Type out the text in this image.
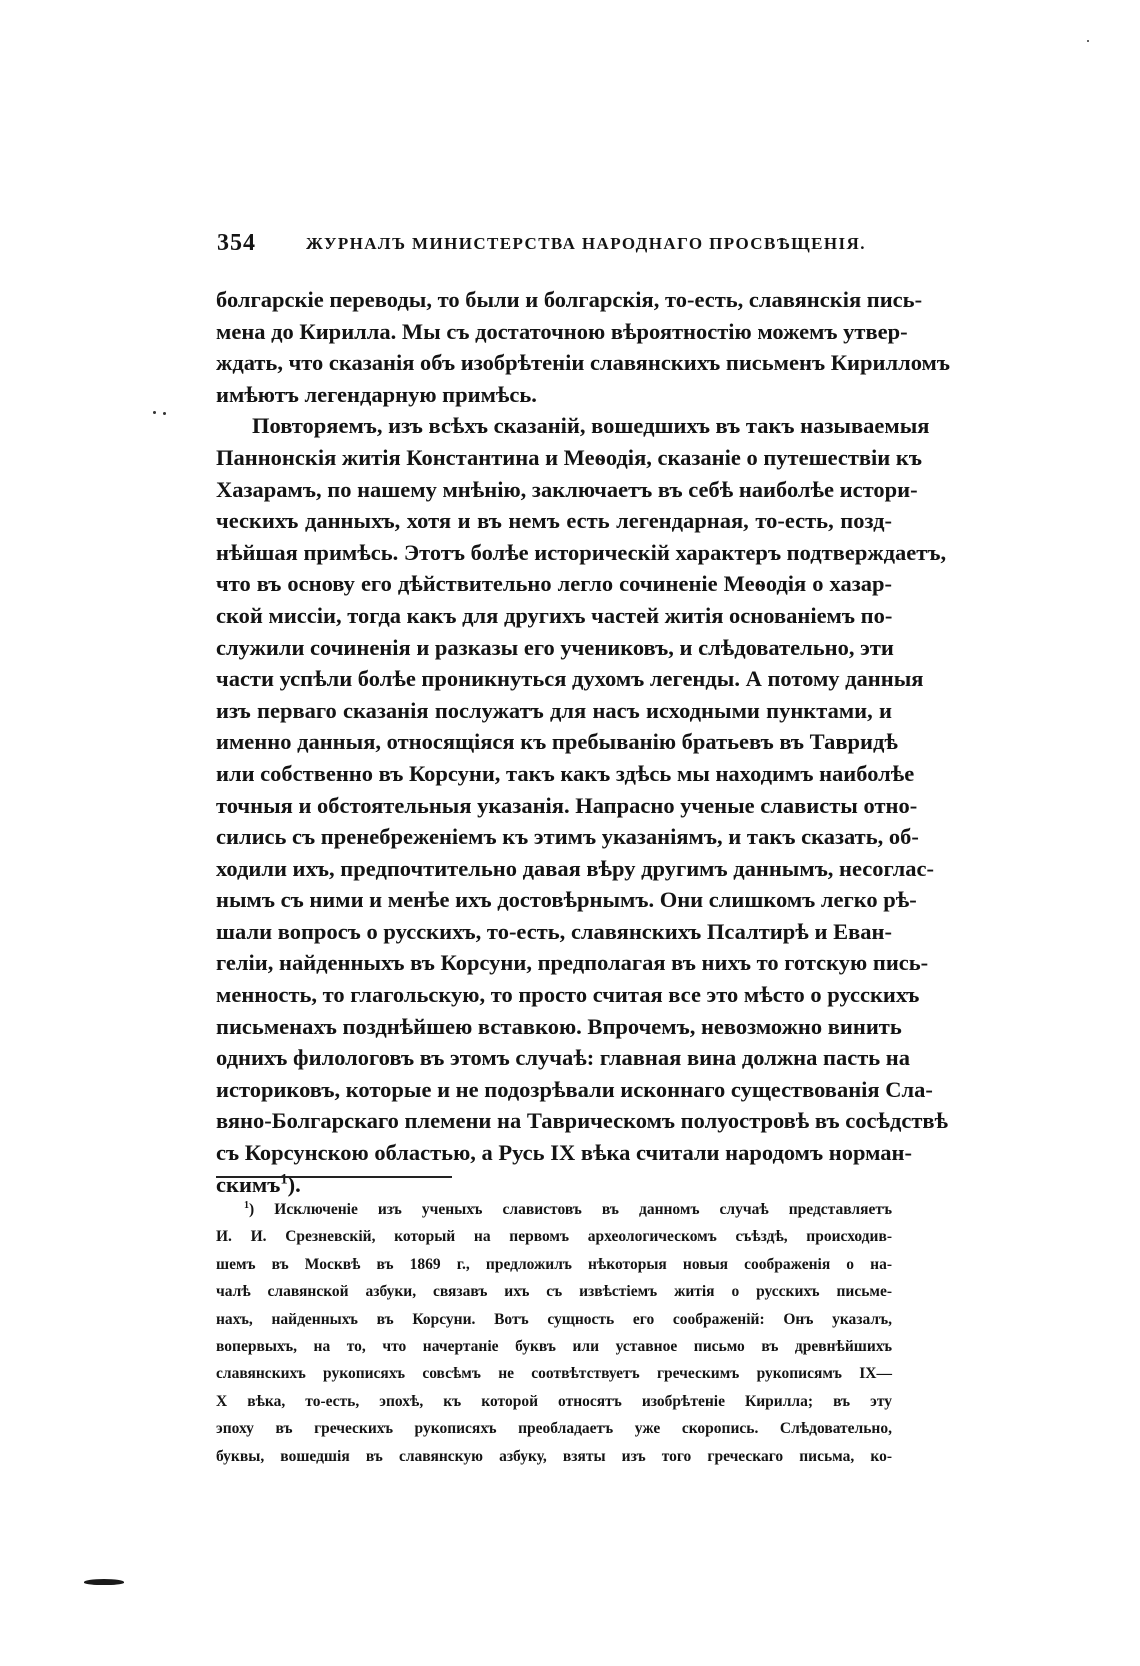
354	ЖУРНАЛЪ МИНИСТЕРСТВА НАРОДНАГО ПРОСВѢЩЕНІЯ.
болгарскіе переводы, то были и болгарскія, то-есть, славянскія пись-
мена до Кирилла. Мы съ достаточною вѣроятностію можемъ утвер-
ждать, что сказанія объ изобрѣтеніи славянскихъ письменъ Кирилломъ
имѣютъ легендарную примѣсь.
Повторяемъ, изъ всѣхъ сказаній, вошедшихъ въ такъ называемыя
Паннонскія житія Константина и Меѳодія, сказаніе о путешествіи къ
Хазарамъ, по нашему мнѣнію, заключаетъ въ себѣ наиболѣе истори-
ческихъ данныхъ, хотя и въ немъ есть легендарная, то-есть, позд-
нѣйшая примѣсь. Этотъ болѣе историческій характеръ подтверждаетъ,
что въ основу его дѣйствительно легло сочиненіе Меѳодія о хазар-
ской миссіи, тогда какъ для другихъ частей житія основаніемъ по-
служили сочиненія и разказы его учениковъ, и слѣдовательно, эти
части успѣли болѣе проникнуться духомъ легенды. А потому данныя
изъ перваго сказанія послужатъ для насъ исходными пунктами, и
именно данныя, относящіяся къ пребыванію братьевъ въ Тавридѣ
или собственно въ Корсуни, такъ какъ здѣсь мы находимъ наиболѣе
точныя и обстоятельныя указанія. Напрасно ученые слависты отно-
сились съ пренебреженіемъ къ этимъ указаніямъ, и такъ сказать, об-
ходили ихъ, предпочтительно давая вѣру другимъ даннымъ, несоглас-
нымъ съ ними и менѣе ихъ достовѣрнымъ. Они слишкомъ легко рѣ-
шали вопросъ о русскихъ, то-есть, славянскихъ Псалтирѣ и Еван-
геліи, найденныхъ въ Корсуни, предполагая въ нихъ то готскую пись-
менность, то глагольскую, то просто считая все это мѣсто о русскихъ
письменахъ позднѣйшею вставкою. Впрочемъ, невозможно винить
однихъ филологовъ въ этомъ случаѣ: главная вина должна пасть на
историковъ, которые и не подозрѣвали исконнаго существованія Сла-
вяно-Болгарскаго племени на Таврическомъ полуостровѣ въ сосѣдствѣ
съ Корсунскою областью, а Русь IX вѣка считали народомъ норман-
скимъ$^1$).
$^1$) Исключеніе изъ ученыхъ славистовъ въ данномъ случаѣ представляетъ
И. И. Срезневскій, который на первомъ археологическомъ съѣздѣ, происходив-
шемъ въ Москвѣ въ 1869 г., предложилъ нѣкоторыя новыя соображенія о на-
чалѣ славянской азбуки, связавъ ихъ съ извѣстіемъ житія о русскихъ письме-
нахъ, найденныхъ въ Корсуни. Вотъ сущность его соображеній: Онъ указалъ,
вопервыхъ, на то, что начертаніе буквъ или уставное письмо въ древнѣйшихъ
славянскихъ рукописяхъ совсѣмъ не соотвѣтствуетъ греческимъ рукописямъ IX—
X вѣка, то-есть, эпохѣ, къ которой относятъ изобрѣтеніе Кирилла; въ эту
эпоху въ греческихъ рукописяхъ преобладаетъ уже скоропись. Слѣдовательно,
буквы, вошедшія въ славянскую азбуку, взяты изъ того греческаго письма, ко-
